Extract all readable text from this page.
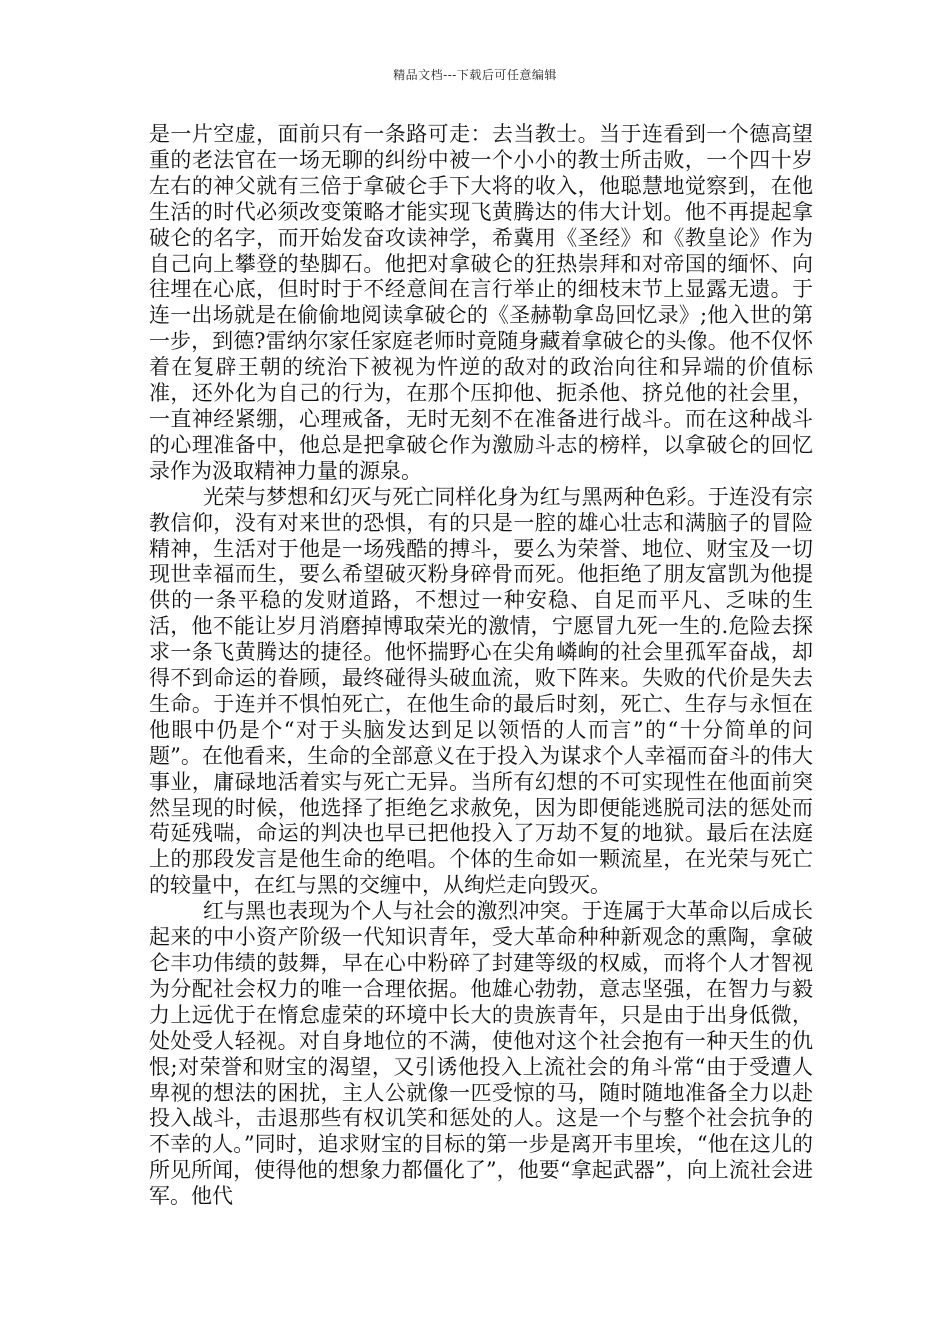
精品文档---下载后可任意编辑

是一片空虚，面前只有一条路可走：去当教士。当于连看到一个德高望重的老法官在一场无聊的纠纷中被一个小小的教士所击败，一个四十岁左右的神父就有三倍于拿破仑手下大将的收入，他聪慧地觉察到，在他生活的时代必须改变策略才能实现飞黄腾达的伟大计划。他不再提起拿破仑的名字，而开始发奋攻读神学，希冀用《圣经》和《教皇论》作为自己向上攀登的垫脚石。他把对拿破仑的狂热崇拜和对帝国的缅怀、向往埋在心底，但时时于不经意间在言行举止的细枝末节上显露无遗。于连一出场就是在偷偷地阅读拿破仑的《圣赫勒拿岛回忆录》;他入世的第一步，到德?雷纳尔家任家庭老师时竟随身藏着拿破仑的头像。他不仅怀着在复辟王朝的统治下被视为忤逆的敌对的政治向往和异端的价值标准，还外化为自己的行为，在那个压抑他、扼杀他、挤兑他的社会里，一直神经紧绷，心理戒备，无时无刻不在准备进行战斗。而在这种战斗的心理准备中，他总是把拿破仑作为激励斗志的榜样，以拿破仑的回忆录作为汲取精神力量的源泉。

光荣与梦想和幻灭与死亡同样化身为红与黑两种色彩。于连没有宗教信仰，没有对来世的恐惧，有的只是一腔的雄心壮志和满脑子的冒险精神，生活对于他是一场残酷的搏斗，要么为荣誉、地位、财宝及一切现世幸福而生，要么希望破灭粉身碎骨而死。他拒绝了朋友富凯为他提供的一条平稳的发财道路，不想过一种安稳、自足而平凡、乏味的生活，他不能让岁月消磨掉博取荣光的激情，宁愿冒九死一生的.危险去探求一条飞黄腾达的捷径。他怀揣野心在尖角嶙峋的社会里孤军奋战，却得不到命运的眷顾，最终碰得头破血流，败下阵来。失败的代价是失去生命。于连并不惧怕死亡，在他生命的最后时刻，死亡、生存与永恒在他眼中仍是个“对于头脑发达到足以领悟的人而言”的“十分简单的问题”。在他看来，生命的全部意义在于投入为谋求个人幸福而奋斗的伟大事业，庸碌地活着实与死亡无异。当所有幻想的不可实现性在他面前突然呈现的时候，他选择了拒绝乞求赦免，因为即便能逃脱司法的惩处而苟延残喘，命运的判决也早已把他投入了万劫不复的地狱。最后在法庭上的那段发言是他生命的绝唱。个体的生命如一颗流星，在光荣与死亡的较量中，在红与黑的交缠中，从绚烂走向毁灭。

红与黑也表现为个人与社会的激烈冲突。于连属于大革命以后成长起来的中小资产阶级一代知识青年，受大革命种种新观念的熏陶，拿破仑丰功伟绩的鼓舞，早在心中粉碎了封建等级的权威，而将个人才智视为分配社会权力的唯一合理依据。他雄心勃勃，意志坚强，在智力与毅力上远优于在惰怠虚荣的环境中长大的贵族青年，只是由于出身低微，处处受人轻视。对自身地位的不满，使他对这个社会抱有一种天生的仇恨;对荣誉和财宝的渴望，又引诱他投入上流社会的角斗常“由于受遭人卑视的想法的困扰，主人公就像一匹受惊的马，随时随地准备全力以赴投入战斗，击退那些有权讥笑和惩处的人。这是一个与整个社会抗争的不幸的人。”同时，追求财宝的目标的第一步是离开韦里埃，“他在这儿的所见所闻，使得他的想象力都僵化了”，他要“拿起武器”，向上流社会进军。他代
